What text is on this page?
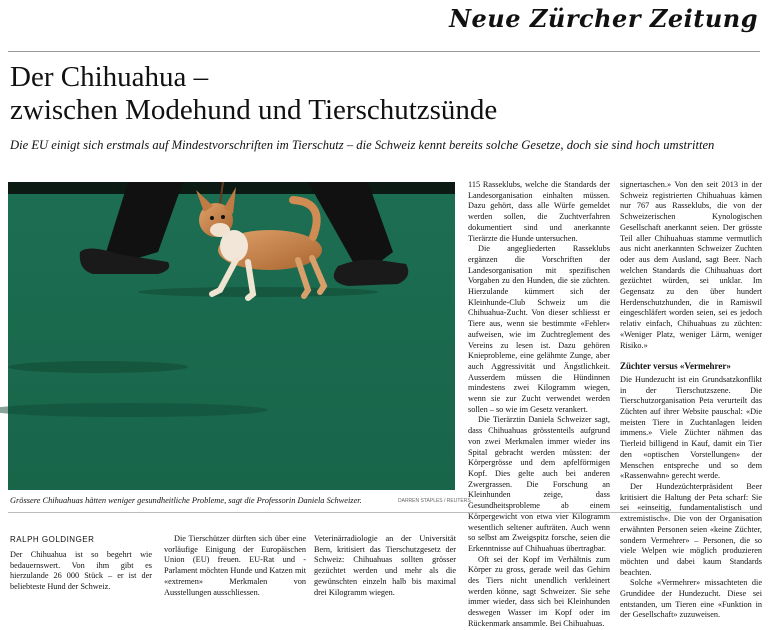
Neue Zürcher Zeitung
Der Chihuahua –
zwischen Modehund und Tierschutzsünde
Die EU einigt sich erstmals auf Mindestvorschriften im Tierschutz – die Schweiz kennt bereits solche Gesetze, doch sie sind hoch umstritten
Grössere Chihuahuas hätten weniger gesundheitliche Probleme, sagt die Professorin Daniela Schweizer.	DARREN STAPLES / REUTERS
RALPH GOLDINGER

Der Chihuahua ist so begehrt wie bedauernswert. Von ihm gibt es hierzulande 26 000 Stück – er ist der beliebteste Hund der Schweiz.

Die Tierschützer dürften sich über eine vorläufige Einigung der Europäischen Union (EU) freuen. EU-Rat und -Parlament möchten Hunde und Katzen mit «extremen» Merkmalen von Ausstellungen ausschliessen.

Veterinärradiologie an der Universität Bern, kritisiert das Tierschutzgesetz der Schweiz: Chihuahuas sollten grösser gezüchtet werden und mehr als die gewünschten einzeln halb bis maximal drei Kilogramm wiegen.

115 Rasseklubs, welche die Standards der Landesorganisation einhalten müssen. Dazu gehört, dass alle Würfe gemeldet werden sollen, die Zuchtverfahren dokumentiert sind und anerkannte Tierärzte die Hunde untersuchen.

Die angegliederten Rasseklubs ergänzen die Vorschriften der Landesorganisation mit spezifischen Vorgaben zu den Hunden, die sie züchten. Hierzulande kümmert sich der Kleinhunde-Club Schweiz um die Chihuahua-Zucht. Von dieser schliesst er Tiere aus, wenn sie bestimmte «Fehler» aufweisen, wie im Zuchtreglement des Vereins zu lesen ist. Dazu gehören Knieprobleme, eine gelähmte Zunge, aber auch Aggressivität und Ängstlichkeit. Ausserdem müssen die Hündinnen mindestens zwei Kilogramm wiegen, wenn sie zur Zucht verwendet werden sollen – so wie im Gesetz verankert.

Die Tierärztin Daniela Schweizer sagt, dass Chihuahuas grösstenteils aufgrund von zwei Merkmalen immer wieder ins Spital gebracht werden müssten: der Körpergrösse und dem apfelförmigen Kopf. Dies gelte auch bei anderen Zwergrassen. Die Forschung an Kleinhunden zeige, dass Gesundheitsprobleme ab einem Körpergewicht von etwa vier Kilogramm wesentlich seltener aufträten. Auch wenn so selbst am Zweigspitz forsche, seien die Erkenntnisse auf Chihuahuas übertragbar.

Oft sei der Kopf im Verhältnis zum Körper zu gross, gerade weil das Gehirn des Tiers nicht unendlich verkleinert werden könne, sagt Schweizer. Sie sehe immer wieder, dass sich bei Kleinhunden deswegen Wasser im Kopf oder im Rückenmark ansammle. Bei Chihuahuas.

signertaschen.» Von den seit 2013 in der Schweiz registrierten Chihuahuas kämen nur 767 aus Rasseklubs, die von der Schweizerischen Kynologischen Gesellschaft anerkannt seien. Der grösste Teil aller Chihuahuas stamme vermutlich aus nicht anerkannten Schweizer Zuchten oder aus dem Ausland, sagt Beer. Nach welchen Standards die Chihuahuas dort gezüchtet würden, sei unklar. Im Gegensatz zu den über hundert Herdenschutzhunden, die in Ramiswil eingeschläfert worden seien, sei es jedoch relativ einfach, Chihuahuas zu züchten: «Weniger Platz, weniger Lärm, weniger Risiko.»

Züchter versus «Vermehrer»

Die Hundezucht ist ein Grundsatzkonflikt in der Tierschutzszene. Die Tierschutzorganisation Peta verurteilt das Züchten auf ihrer Website pauschal: «Die meisten Tiere in Zuchtanlagen leiden immens.» Viele Züchter nähmen das Tierleid billigend in Kauf, damit ein Tier den «optischen Vorstellungen» der Menschen entspreche und so dem «Rassenwahn» gerecht werde.

Der Hundezüchterpräsident Beer kritisiert die Haltung der Peta scharf: Sie sei «einseitig, fundamentalistisch und extremistisch». Die von der Organisation erwähnten Personen seien «keine Züchter, sondern Vermehrer» – Personen, die so viele Welpen wie möglich produzieren möchten und dabei kaum Standards beachten.

Solche «Vermehrer» missachteten die Grundidee der Hundezucht. Diese sei entstanden, um Tieren eine «Funktion in der Gesellschaft» zuzuweisen.
